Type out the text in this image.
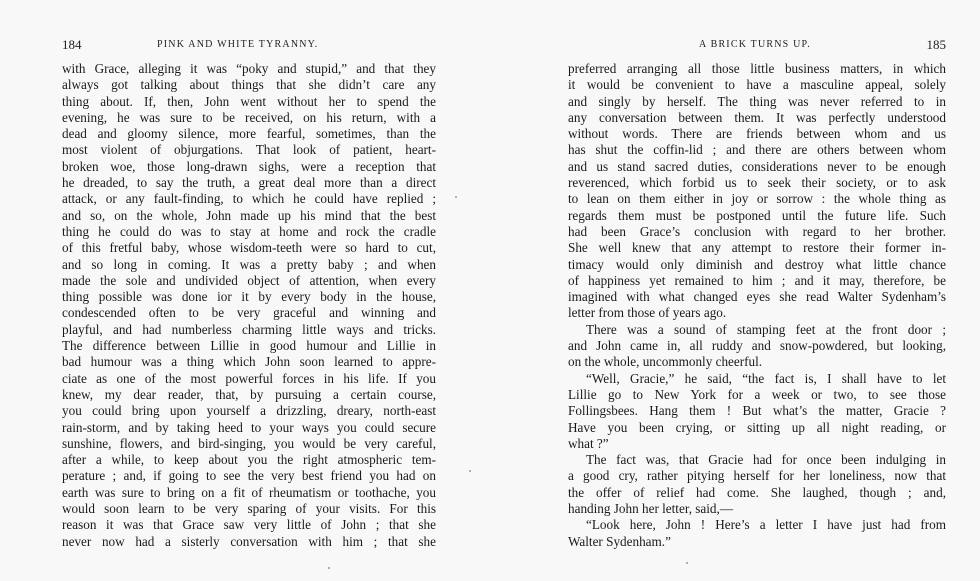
184	PINK AND WHITE TYRANNY.
with Grace, alleging it was “poky and stupid,” and that they
always got talking about things that she didn’t care any
thing about. If, then, John went without her to spend the
evening, he was sure to be received, on his return, with a
dead and gloomy silence, more fearful, sometimes, than the
most violent of objurgations. That look of patient, heart-
broken woe, those long-drawn sighs, were a reception that
he dreaded, to say the truth, a great deal more than a direct
attack, or any fault-finding, to which he could have replied ;
and so, on the whole, John made up his mind that the best
thing he could do was to stay at home and rock the cradle
of this fretful baby, whose wisdom-teeth were so hard to cut,
and so long in coming. It was a pretty baby ; and when
made the sole and undivided object of attention, when every
thing possible was done ior it by every body in the house,
condescended often to be very graceful and winning and
playful, and had numberless charming little ways and tricks.
The difference between Lillie in good humour and Lillie in
bad humour was a thing which John soon learned to appre-
ciate as one of the most powerful forces in his life. If you
knew, my dear reader, that, by pursuing a certain course,
you could bring upon yourself a drizzling, dreary, north-east
rain-storm, and by taking heed to your ways you could secure
sunshine, flowers, and bird-singing, you would be very careful,
after a while, to keep about you the right atmospheric tem-
perature ; and, if going to see the very best friend you had on
earth was sure to bring on a fit of rheumatism or toothache, you
would soon learn to be very sparing of your visits. For this
reason it was that Grace saw very little of John ; that she
never now had a sisterly conversation with him ; that she
A BRICK TURNS UP.	185
preferred arranging all those little business matters, in which
it would be convenient to have a masculine appeal, solely
and singly by herself. The thing was never referred to in
any conversation between them. It was perfectly understood
without words. There are friends between whom and us
has shut the coffin-lid ; and there are others between whom
and us stand sacred duties, considerations never to be enough
reverenced, which forbid us to seek their society, or to ask
to lean on them either in joy or sorrow : the whole thing as
regards them must be postponed until the future life. Such
had been Grace’s conclusion with regard to her brother.
She well knew that any attempt to restore their former in-
timacy would only diminish and destroy what little chance
of happiness yet remained to him ; and it may, therefore, be
imagined with what changed eyes she read Walter Sydenham’s
letter from those of years ago.
There was a sound of stamping feet at the front door ;
and John came in, all ruddy and snow-powdered, but looking,
on the whole, uncommonly cheerful.
“Well, Gracie,” he said, “the fact is, I shall have to let
Lillie go to New York for a week or two, to see those
Follingsbees. Hang them ! But what’s the matter, Gracie ?
Have you been crying, or sitting up all night reading, or
what ?”
The fact was, that Gracie had for once been indulging in
a good cry, rather pitying herself for her loneliness, now that
the offer of relief had come. She laughed, though ; and,
handing John her letter, said,—
“Look here, John ! Here’s a letter I have just had from
Walter Sydenham.”
